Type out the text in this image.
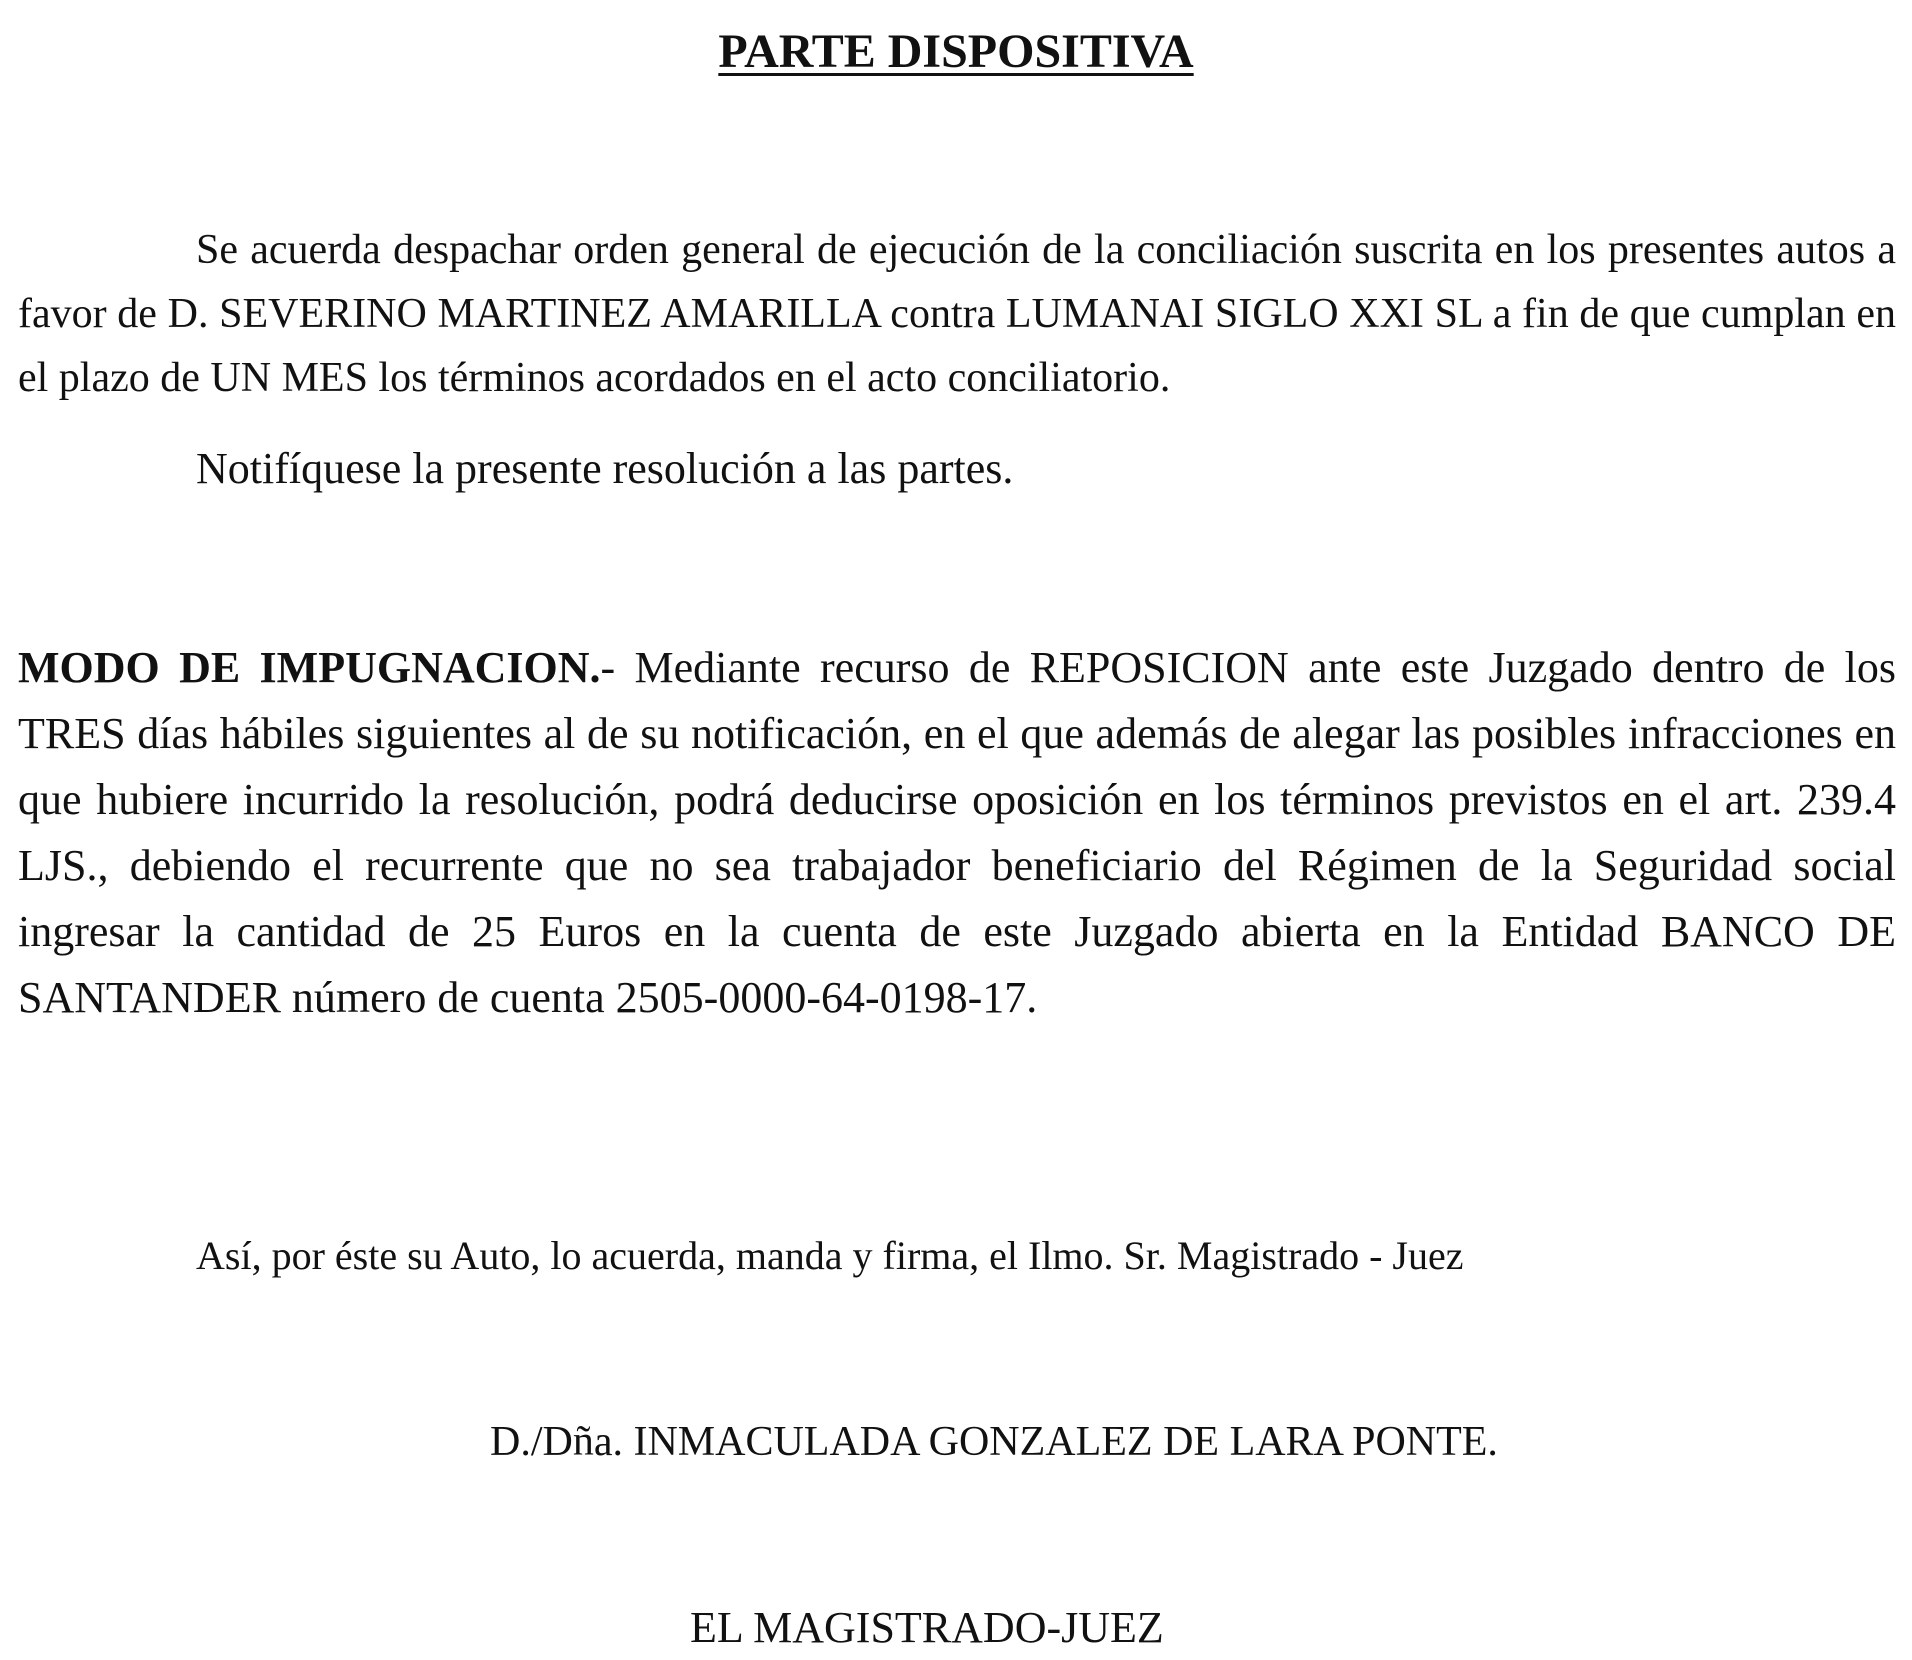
PARTE DISPOSITIVA

Se acuerda despachar orden general de ejecución de la conciliación suscrita en los presentes autos a favor de D. SEVERINO MARTINEZ AMARILLA contra LUMANAI SIGLO XXI SL a fin de que cumplan en el plazo de UN MES los términos acordados en el acto conciliatorio.

Notifíquese la presente resolución a las partes.

MODO DE IMPUGNACION.- Mediante recurso de REPOSICION ante este Juzgado dentro de los TRES días hábiles siguientes al de su notificación, en el que además de alegar las posibles infracciones en que hubiere incurrido la resolución, podrá deducirse oposición en los términos previstos en el art. 239.4 LJS., debiendo el recurrente que no sea trabajador beneficiario del Régimen de la Seguridad social ingresar la cantidad de 25 Euros en la cuenta de este Juzgado abierta en la Entidad BANCO DE SANTANDER número de cuenta 2505-0000-64-0198-17.

Así, por éste su Auto, lo acuerda, manda y firma, el Ilmo. Sr. Magistrado - Juez

D./Dña. INMACULADA GONZALEZ DE LARA PONTE.

EL MAGISTRADO-JUEZ
